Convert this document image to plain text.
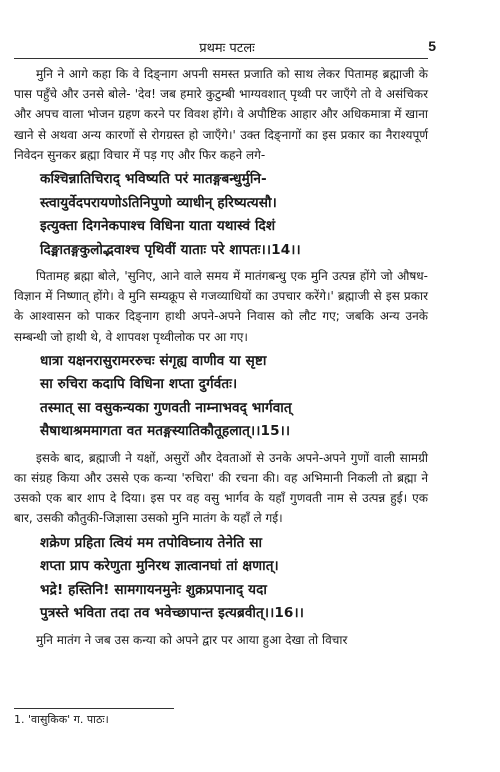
प्रथमः पटलः	5

मुनि ने आगे कहा कि वे दिङ्नाग अपनी समस्त प्रजाति को साथ लेकर पितामह ब्रह्माजी के पास पहुँचे और उनसे बोले- 'देव! जब हमारे कुटुम्बी भाग्यवशात् पृथ्वी पर जाएँगे तो वे असंचिकर और अपच वाला भोजन ग्रहण करने पर विवश होंगे। वे अपौष्टिक आहार और अधिकमात्रा में खाना खाने से अथवा अन्य कारणों से रोगग्रस्त हो जाएँगे।' उक्त दिङ्नागों का इस प्रकार का नैराश्यपूर्ण निवेदन सुनकर ब्रह्मा विचार में पड़ गए और फिर कहने लगे-

कश्चिन्नातिचिराद् भविष्यति परं मातङ्गबन्धुर्मुनि-
स्त्वायुर्वेदपरायणोऽतिनिपुणो व्याधीन् हरिष्यत्यसौ।
इत्युक्ता दिगनेकपाश्च विधिना याता यथास्वं दिशं
दिङ्मातङ्गकुलोद्भवाश्च पृथिवीं याताः परे शापतः।।14।।

पितामह ब्रह्मा बोले, 'सुनिए, आने वाले समय में मातंगबन्धु एक मुनि उत्पन्न होंगे जो औषध-विज्ञान में निष्णात् होंगे। वे मुनि सम्यक्रूप से गजव्याधियों का उपचार करेंगे।' ब्रह्माजी से इस प्रकार के आश्वासन को पाकर दिङ्नाग हाथी अपने-अपने निवास को लौट गए; जबकि अन्य उनके सम्बन्धी जो हाथी थे, वे शापवश पृथ्वीलोक पर आ गए।

धात्रा यक्षनरासुरामररुचः संगृह्य वाणीव या सृष्टा
सा रुचिरा कदापि विधिना शप्ता दुर्गर्वतः।
तस्मात् सा वसुकन्यका गुणवती नाम्नाभवद् भार्गवात्
सैषाथाश्रममागता वत मतङ्गस्यातिकौतूहलात्।।15।।

इसके बाद, ब्रह्माजी ने यक्षों, असुरों और देवताओं से उनके अपने-अपने गुणों वाली सामग्री का संग्रह किया और उससे एक कन्या 'रुचिरा' की रचना की। वह अभिमानी निकली तो ब्रह्मा ने उसको एक बार शाप दे दिया। इस पर वह वसु भार्गव के यहाँ गुणवती नाम से उत्पन्न हुई। एक बार, उसकी कौतुकी-जिज्ञासा उसको मुनि मातंग के यहाँ ले गई।

शक्रेण प्रहिता त्वियं मम तपोविघ्नाय तेनेति सा
शप्ता प्राप करेणुता मुनिरथ ज्ञात्वानघां तां क्षणात्।
भद्रे! हस्तिनि! सामगायनमुनेः शुक्रप्रपानाद् यदा
पुत्रस्ते भविता तदा तव भवेच्छापान्त इत्यब्रवीत्।।16।।

मुनि मातंग ने जब उस कन्या को अपने द्वार पर आया हुआ देखा तो विचार

1. 'वासुकिक' ग. पाठः।
